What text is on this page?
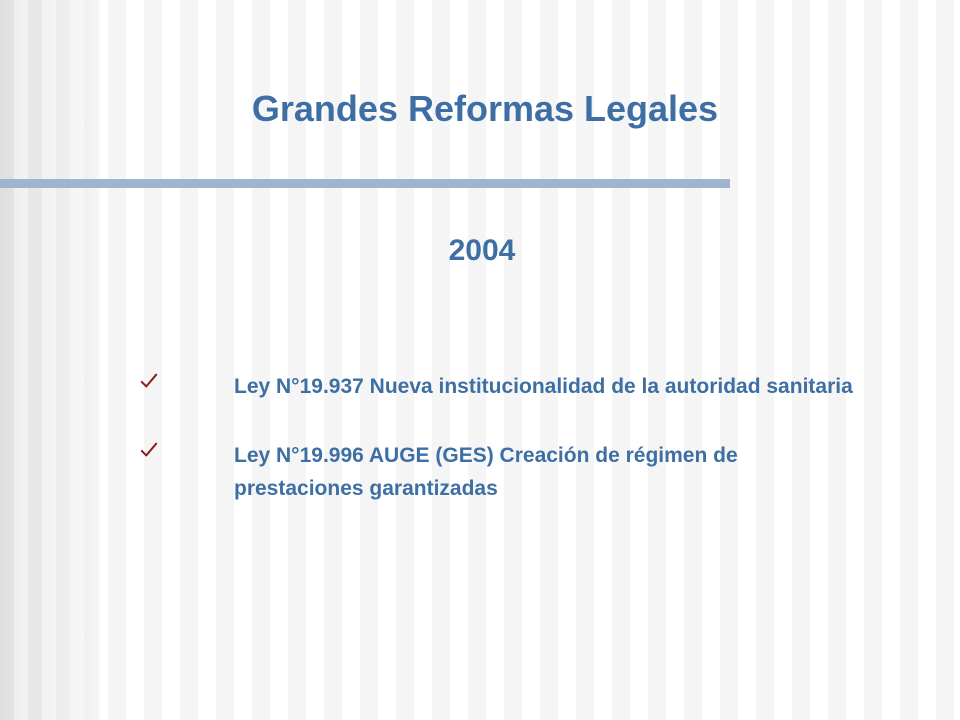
Grandes Reformas Legales
2004
Ley N°19.937 Nueva institucionalidad de la autoridad sanitaria
Ley N°19.996 AUGE (GES) Creación de régimen de prestaciones garantizadas
